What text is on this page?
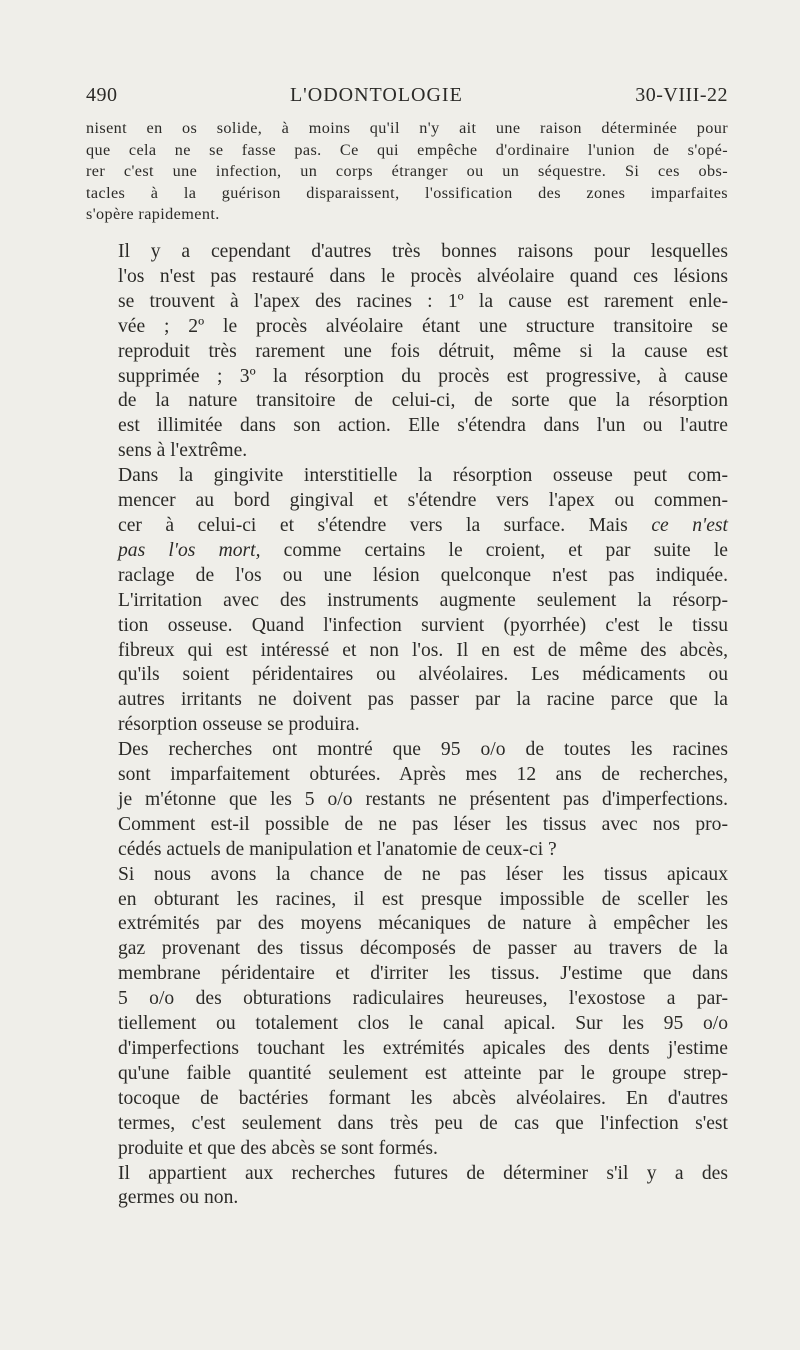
490	L'ODONTOLOGIE	30-VIII-22

nisent en os solide, à moins qu'il n'y ait une raison déterminée pour
que cela ne se fasse pas. Ce qui empêche d'ordinaire l'union de s'opé-
rer c'est une infection, un corps étranger ou un séquestre. Si ces obs-
tacles à la guérison disparaissent, l'ossification des zones imparfaites
s'opère rapidement.

Il y a cependant d'autres très bonnes raisons pour lesquelles
l'os n'est pas restauré dans le procès alvéolaire quand ces lésions
se trouvent à l'apex des racines : 1º la cause est rarement enle-
vée ; 2º le procès alvéolaire étant une structure transitoire se
reproduit très rarement une fois détruit, même si la cause est
supprimée ; 3º la résorption du procès est progressive, à cause
de la nature transitoire de celui-ci, de sorte que la résorption
est illimitée dans son action. Elle s'étendra dans l'un ou l'autre
sens à l'extrême.

Dans la gingivite interstitielle la résorption osseuse peut com-
mencer au bord gingival et s'étendre vers l'apex ou commen-
cer à celui-ci et s'étendre vers la surface. Mais ce n'est
pas l'os mort, comme certains le croient, et par suite le
raclage de l'os ou une lésion quelconque n'est pas indiquée.
L'irritation avec des instruments augmente seulement la résorp-
tion osseuse. Quand l'infection survient (pyorrhée) c'est le tissu
fibreux qui est intéressé et non l'os. Il en est de même des abcès,
qu'ils soient péridentaires ou alvéolaires. Les médicaments ou
autres irritants ne doivent pas passer par la racine parce que la
résorption osseuse se produira.

Des recherches ont montré que 95 o/o de toutes les racines
sont imparfaitement obturées. Après mes 12 ans de recherches,
je m'étonne que les 5 o/o restants ne présentent pas d'imperfections.
Comment est-il possible de ne pas léser les tissus avec nos pro-
cédés actuels de manipulation et l'anatomie de ceux-ci ?

Si nous avons la chance de ne pas léser les tissus apicaux
en obturant les racines, il est presque impossible de sceller les
extrémités par des moyens mécaniques de nature à empêcher les
gaz provenant des tissus décomposés de passer au travers de la
membrane péridentaire et d'irriter les tissus. J'estime que dans
5 o/o des obturations radiculaires heureuses, l'exostose a par-
tiellement ou totalement clos le canal apical. Sur les 95 o/o
d'imperfections touchant les extrémités apicales des dents j'estime
qu'une faible quantité seulement est atteinte par le groupe strep-
tocoque de bactéries formant les abcès alvéolaires. En d'autres
termes, c'est seulement dans très peu de cas que l'infection s'est
produite et que des abcès se sont formés.

Il appartient aux recherches futures de déterminer s'il y a des
germes ou non.
